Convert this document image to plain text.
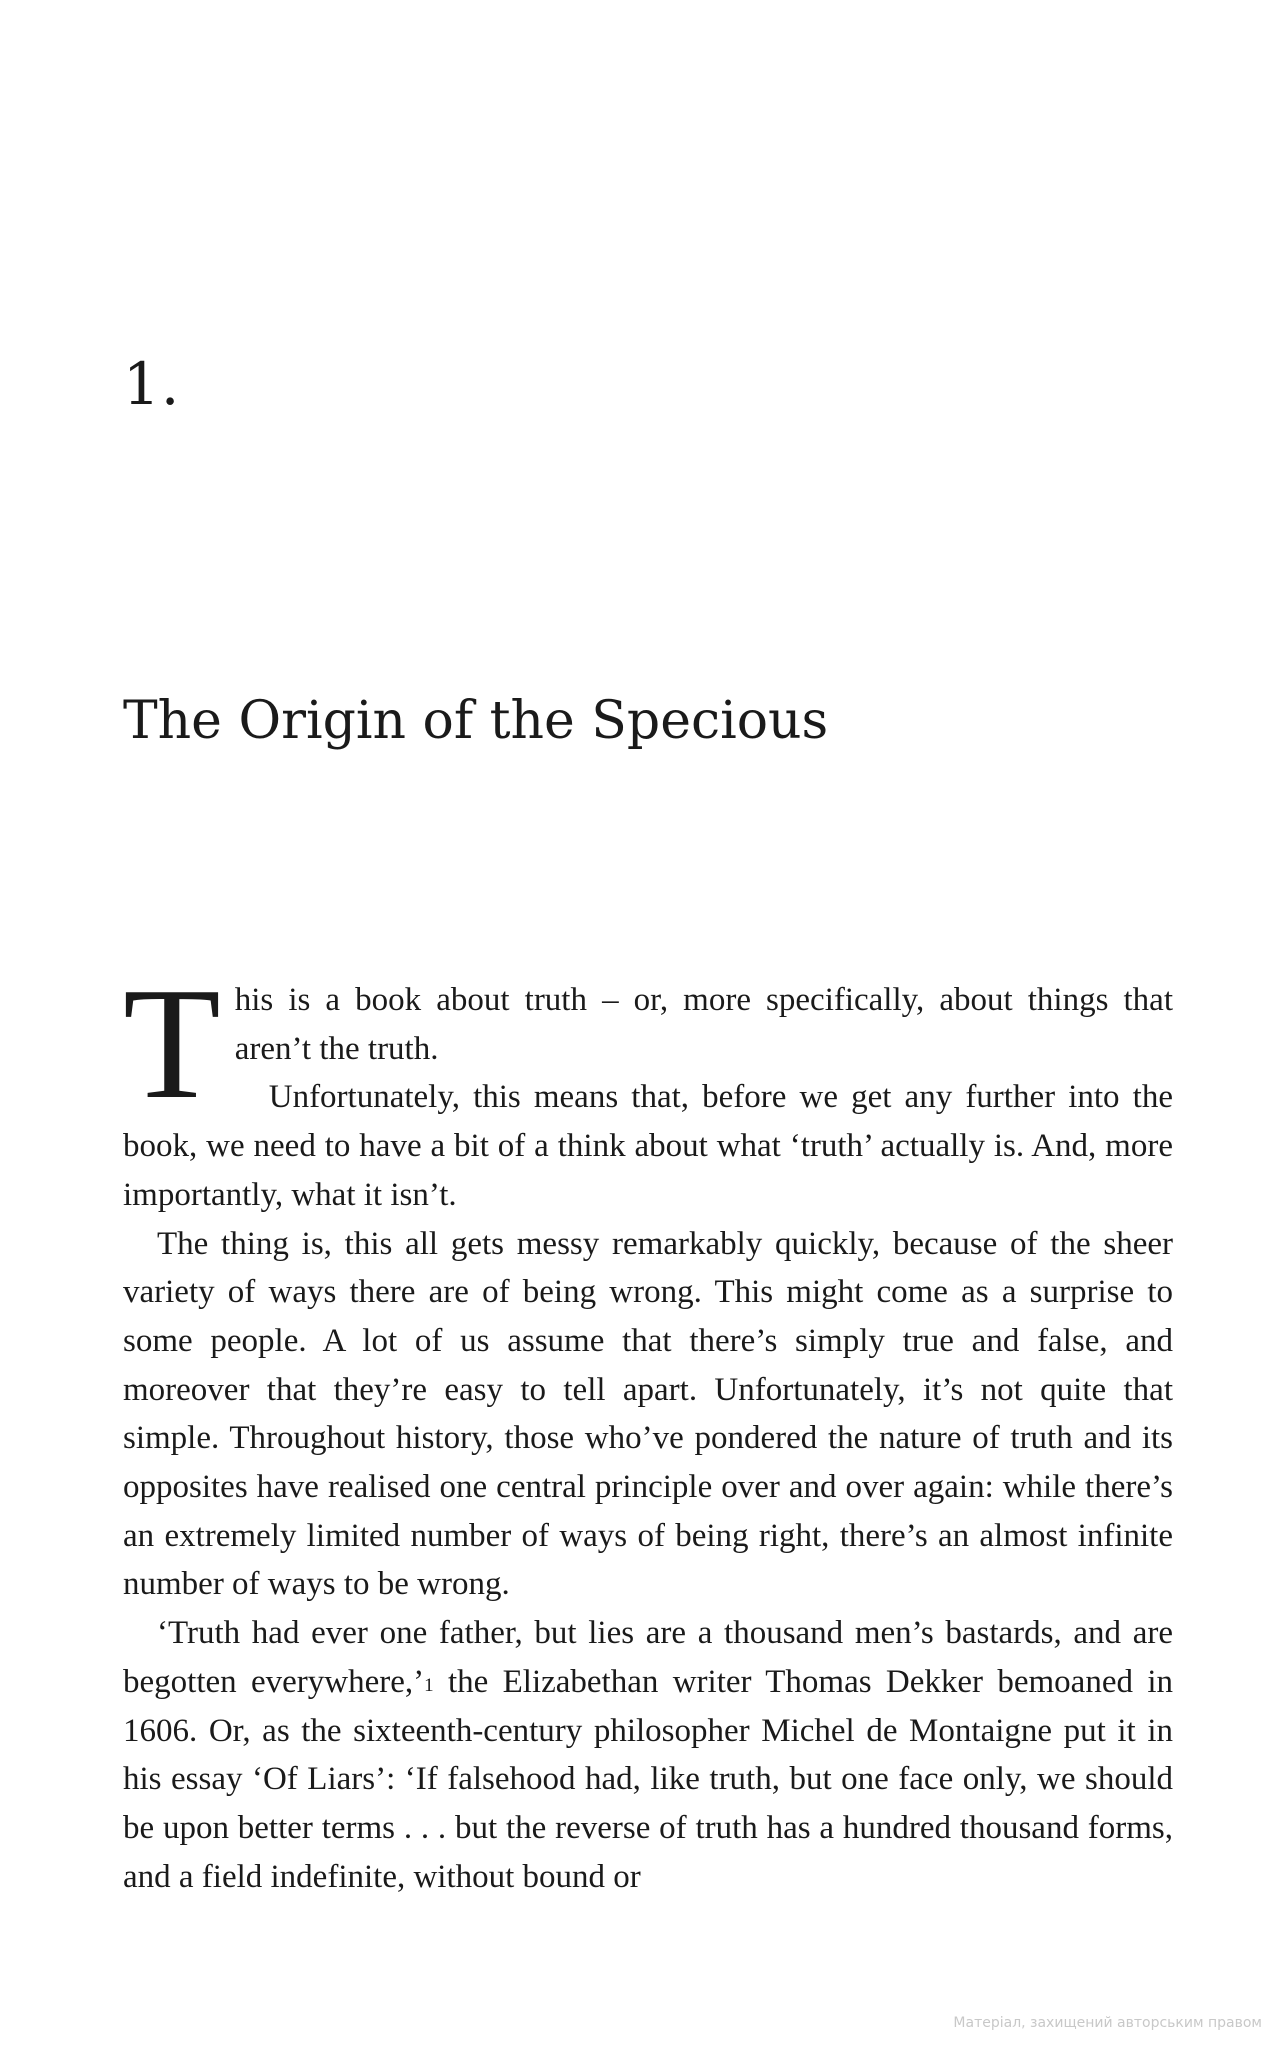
1.
The Origin of the Specious

This is a book about truth – or, more specifically, about things that aren’t the truth.

Unfortunately, this means that, before we get any further into the book, we need to have a bit of a think about what ‘truth’ actually is. And, more importantly, what it isn’t.

The thing is, this all gets messy remarkably quickly, because of the sheer variety of ways there are of being wrong. This might come as a surprise to some people. A lot of us assume that there’s simply true and false, and moreover that they’re easy to tell apart. Unfortunately, it’s not quite that simple. Throughout history, those who’ve pondered the nature of truth and its opposites have realised one central principle over and over again: while there’s an extremely limited number of ways of being right, there’s an almost infinite number of ways to be wrong.

‘Truth had ever one father, but lies are a thousand men’s bastards, and are begotten everywhere,’$^1$ the Elizabethan writer Thomas Dekker bemoaned in 1606. Or, as the sixteenth-century philosopher Michel de Montaigne put it in his essay ‘Of Liars’: ‘If falsehood had, like truth, but one face only, we should be upon better terms . . . but the reverse of truth has a hundred thousand forms, and a field indefinite, without bound or

Матеріал, захищений авторським правом
